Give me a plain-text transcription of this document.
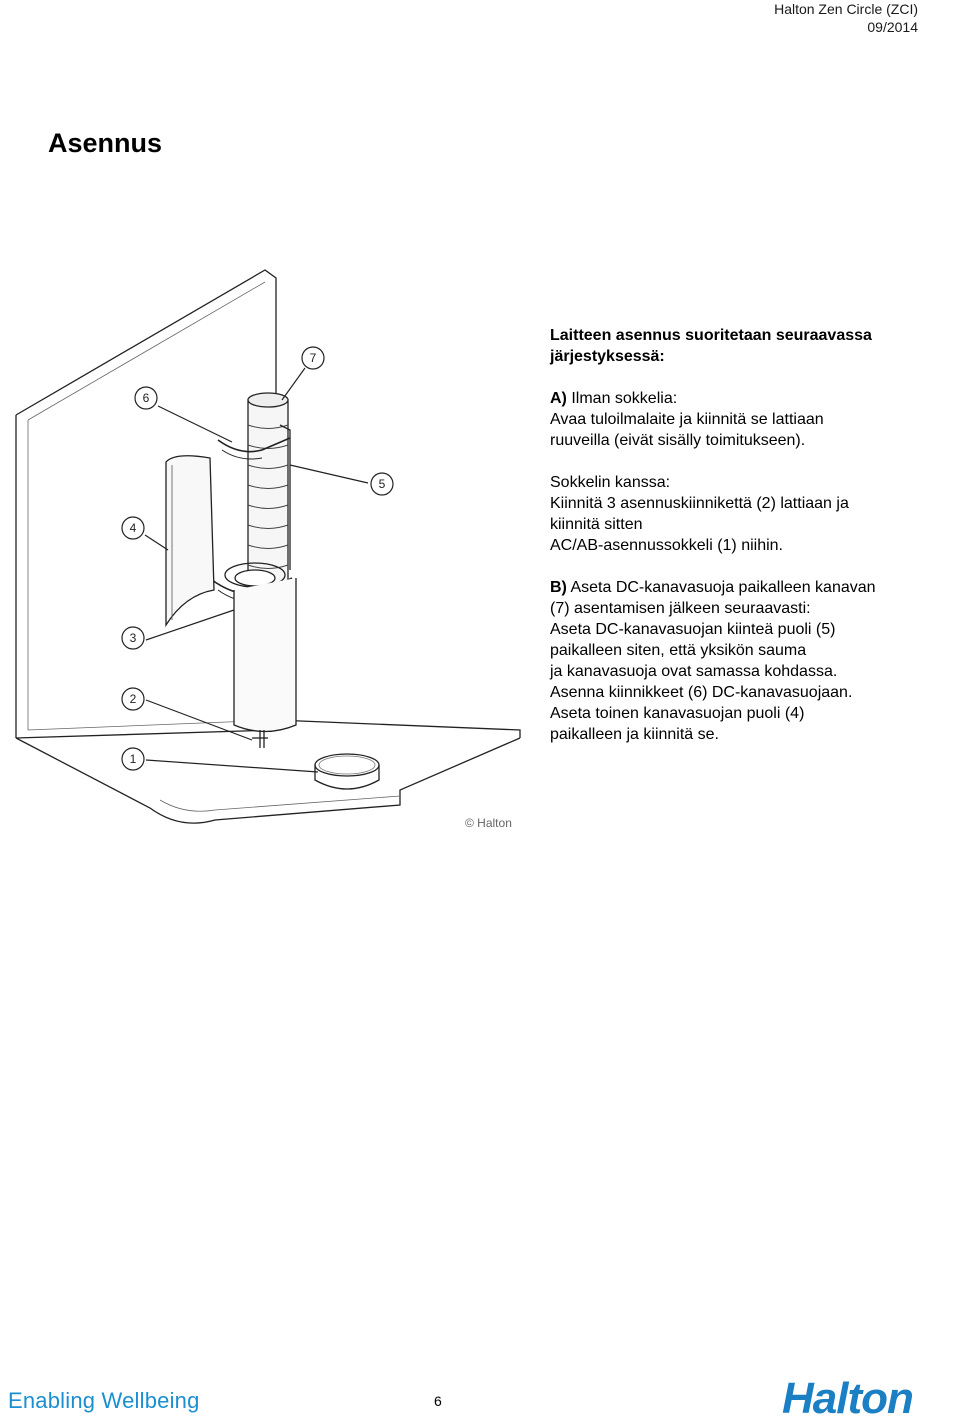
Halton Zen Circle (ZCI)
09/2014
Asennus
7
6
5
4
3
2
1
© Halton

Laitteen asennus suoritetaan seuraavassa
järjestyksessä:

A) Ilman sokkelia:
Avaa tuloilmalaite ja kiinnitä se lattiaan
ruuveilla (eivät sisälly toimitukseen).

Sokkelin kanssa:
Kiinnitä 3 asennuskiinnikettä (2) lattiaan ja
kiinnitä sitten
AC/AB-asennussokkeli (1) niihin.

B) Aseta DC-kanavasuoja paikalleen kanavan
(7) asentamisen jälkeen seuraavasti:
Aseta DC-kanavasuojan kiinteä puoli (5)
paikalleen siten, että yksikön sauma
ja kanavasuoja ovat samassa kohdassa.
Asenna kiinnikkeet (6) DC-kanavasuojaan.
Aseta toinen kanavasuojan puoli (4)
paikalleen ja kiinnitä se.

Enabling Wellbeing	6	Halton
